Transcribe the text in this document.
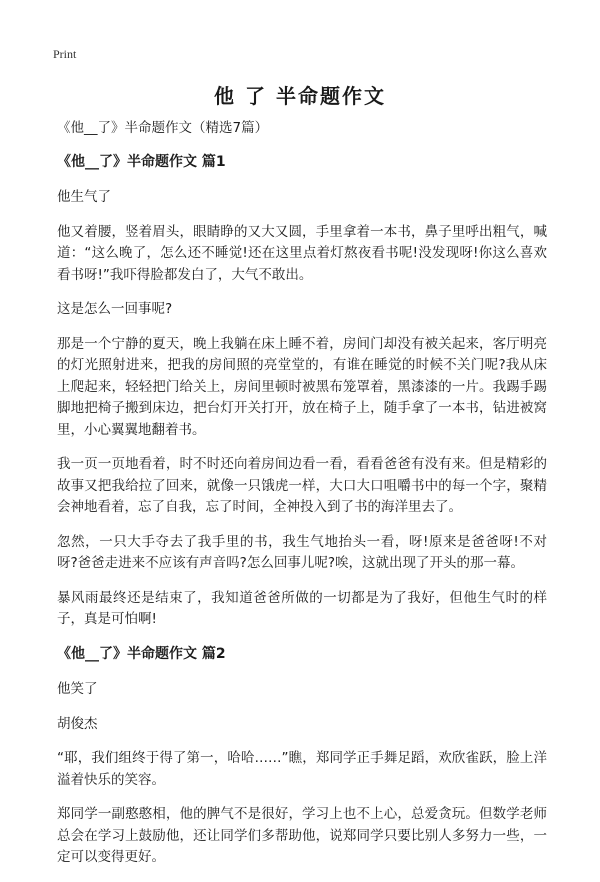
Print
他 了 半命题作文

《他__了》半命题作文（精选7篇）

《他__了》半命题作文 篇1

他生气了

他又着腰，竖着眉头，眼睛睁的又大又圆，手里拿着一本书，鼻子里呼出粗气，喊道：“这么晚了，怎么还不睡觉!还在这里点着灯熬夜看书呢!没发现呀!你这么喜欢看书呀!”我吓得脸都发白了，大气不敢出。

这是怎么一回事呢?

那是一个宁静的夏天，晚上我躺在床上睡不着，房间门却没有被关起来，客厅明亮的灯光照射进来，把我的房间照的亮堂堂的，有谁在睡觉的时候不关门呢?我从床上爬起来，轻轻把门给关上，房间里顿时被黑布笼罩着，黑漆漆的一片。我踢手踢脚地把椅子搬到床边，把台灯开关打开，放在椅子上，随手拿了一本书，钻进被窝里，小心翼翼地翻着书。

我一页一页地看着，时不时还向着房间边看一看，看看爸爸有没有来。但是精彩的故事又把我给拉了回来，就像一只饿虎一样，大口大口咀嚼书中的每一个字，聚精会神地看着，忘了自我，忘了时间，全神投入到了书的海洋里去了。

忽然，一只大手夺去了我手里的书，我生气地抬头一看，呀!原来是爸爸呀!不对呀?爸爸走进来不应该有声音吗?怎么回事儿呢?唉，这就出现了开头的那一幕。

暴风雨最终还是结束了，我知道爸爸所做的一切都是为了我好，但他生气时的样子，真是可怕啊!

《他__了》半命题作文 篇2

他笑了

胡俊杰

“耶，我们组终于得了第一，哈哈……”瞧，郑同学正手舞足蹈，欢欣雀跃，脸上洋溢着快乐的笑容。

郑同学一副憨憨相，他的脾气不是很好，学习上也不上心，总爱贪玩。但数学老师总会在学习上鼓励他，还让同学们多帮助他，说郑同学只要比别人多努力一些，一定可以变得更好。
